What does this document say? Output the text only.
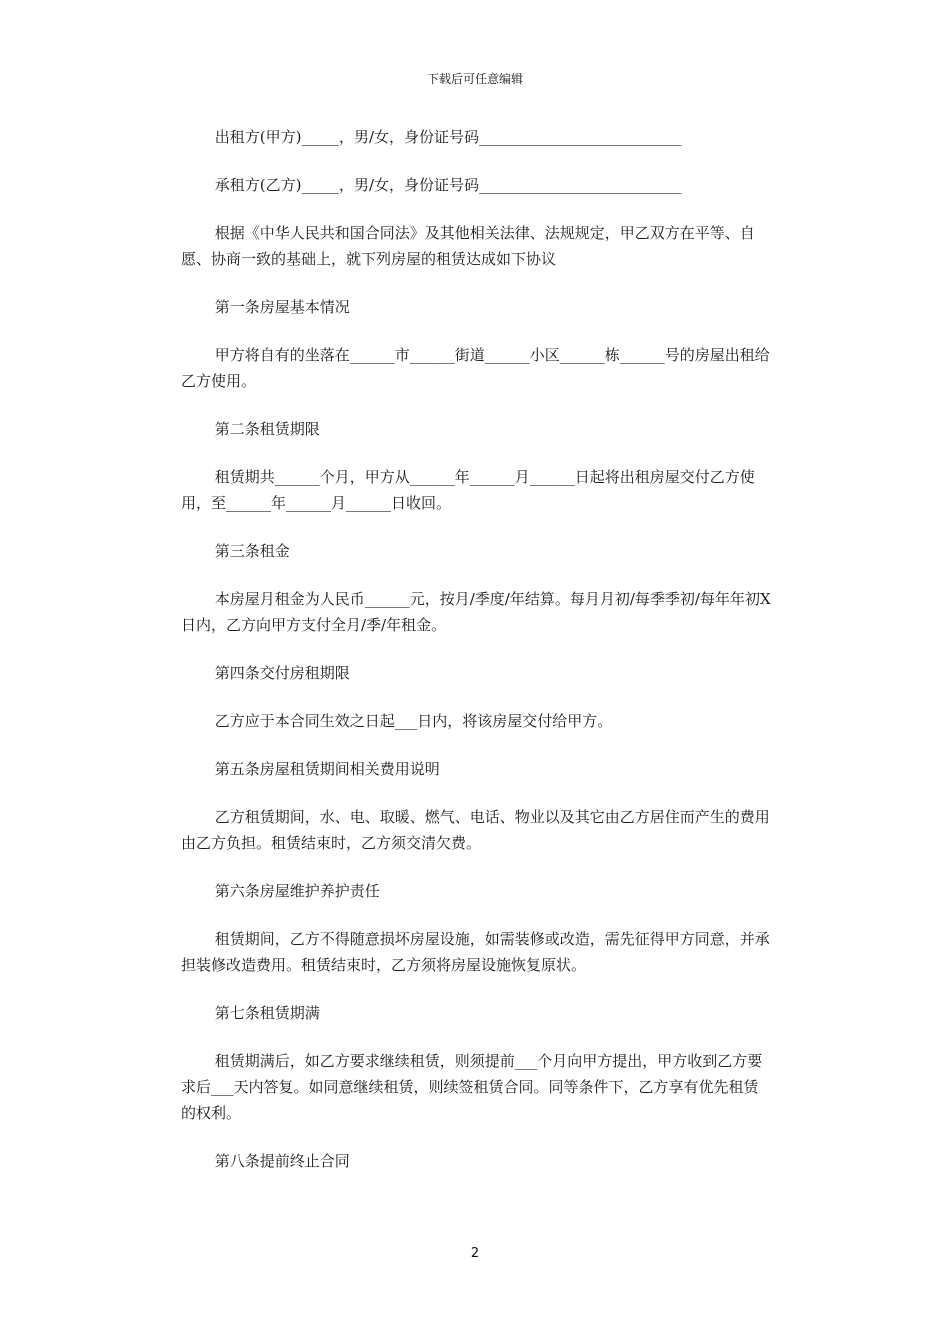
下载后可任意编辑

出租方(甲方)_____，男/女，身份证号码___________________________

承租方(乙方)_____，男/女，身份证号码___________________________

根据《中华人民共和国合同法》及其他相关法律、法规规定，甲乙双方在平等、自愿、协商一致的基础上，就下列房屋的租赁达成如下协议

第一条房屋基本情况

甲方将自有的坐落在______市______街道______小区______栋______号的房屋出租给乙方使用。

第二条租赁期限

租赁期共______个月，甲方从______年______月______日起将出租房屋交付乙方使用，至______年______月______日收回。

第三条租金

本房屋月租金为人民币______元，按月/季度/年结算。每月月初/每季季初/每年年初X日内，乙方向甲方支付全月/季/年租金。

第四条交付房租期限

乙方应于本合同生效之日起___日内，将该房屋交付给甲方。

第五条房屋租赁期间相关费用说明

乙方租赁期间，水、电、取暖、燃气、电话、物业以及其它由乙方居住而产生的费用由乙方负担。租赁结束时，乙方须交清欠费。

第六条房屋维护养护责任

租赁期间，乙方不得随意损坏房屋设施，如需装修或改造，需先征得甲方同意，并承担装修改造费用。租赁结束时，乙方须将房屋设施恢复原状。

第七条租赁期满

租赁期满后，如乙方要求继续租赁，则须提前___个月向甲方提出，甲方收到乙方要求后___天内答复。如同意继续租赁，则续签租赁合同。同等条件下，乙方享有优先租赁的权利。

第八条提前终止合同

2
